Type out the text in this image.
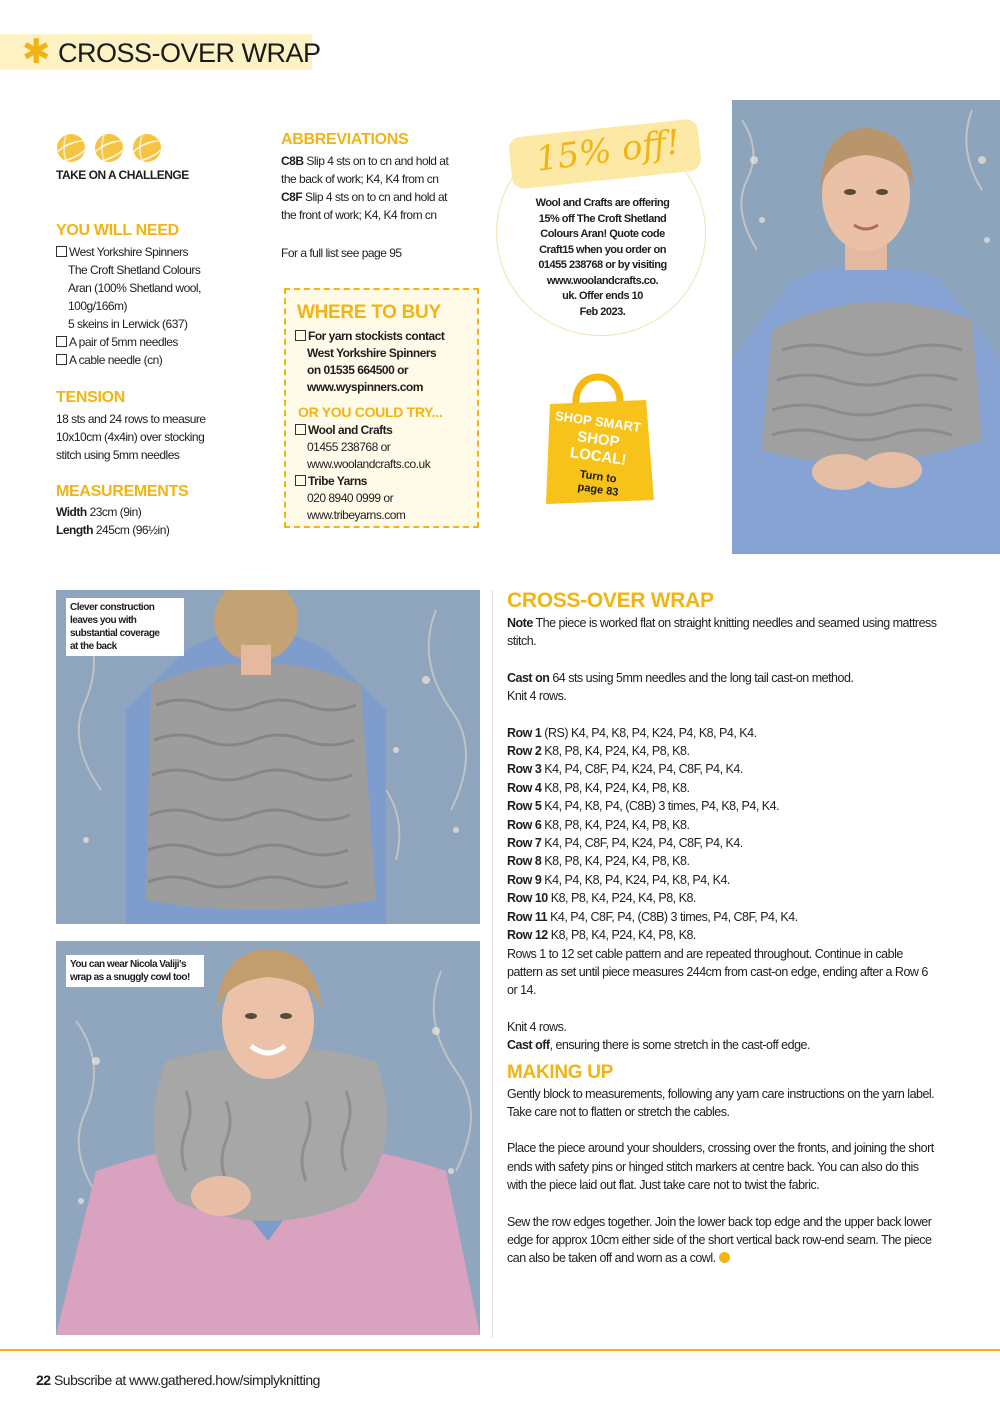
✱ CROSS-OVER WRAP
TAKE ON A CHALLENGE
YOU WILL NEED
West Yorkshire Spinners
The Croft Shetland Colours
Aran (100% Shetland wool,
100g/166m)
5 skeins in Lerwick (637)
A pair of 5mm needles
A cable needle (cn)
TENSION
18 sts and 24 rows to measure
10x10cm (4x4in) over stocking
stitch using 5mm needles
MEASUREMENTS
Width 23cm (9in)
Length 245cm (96½in)
ABBREVIATIONS
C8B Slip 4 sts on to cn and hold at
the back of work; K4, K4 from cn
C8F Slip 4 sts on to cn and hold at
the front of work; K4, K4 from cn
For a full list see page 95
WHERE TO BUY
For yarn stockists contact
West Yorkshire Spinners
on 01535 664500 or
www.wyspinners.com
OR YOU COULD TRY...
Wool and Crafts
01455 238768 or
www.woolandcrafts.co.uk
Tribe Yarns
020 8940 0999 or
www.tribeyarns.com
15% off!
Wool and Crafts are offering
15% off The Croft Shetland
Colours Aran! Quote code
Craft15 when you order on
01455 238768 or by visiting
www.woolandcrafts.co.
uk. Offer ends 10
Feb 2023.
SHOP SMART
SHOP
LOCAL!
Turn to
page 83
Clever construction
leaves you with
substantial coverage
at the back
You can wear Nicola Valiji's
wrap as a snuggly cowl too!
CROSS-OVER WRAP
Note The piece is worked flat on straight knitting needles and seamed using mattress stitch.
Cast on 64 sts using 5mm needles and the long tail cast-on method.
Knit 4 rows.
Row 1 (RS) K4, P4, K8, P4, K24, P4, K8, P4, K4.
Row 2 K8, P8, K4, P24, K4, P8, K8.
Row 3 K4, P4, C8F, P4, K24, P4, C8F, P4, K4.
Row 4 K8, P8, K4, P24, K4, P8, K8.
Row 5 K4, P4, K8, P4, (C8B) 3 times, P4, K8, P4, K4.
Row 6 K8, P8, K4, P24, K4, P8, K8.
Row 7 K4, P4, C8F, P4, K24, P4, C8F, P4, K4.
Row 8 K8, P8, K4, P24, K4, P8, K8.
Row 9 K4, P4, K8, P4, K24, P4, K8, P4, K4.
Row 10 K8, P8, K4, P24, K4, P8, K8.
Row 11 K4, P4, C8F, P4, (C8B) 3 times, P4, C8F, P4, K4.
Row 12 K8, P8, K4, P24, K4, P8, K8.
Rows 1 to 12 set cable pattern and are repeated throughout. Continue in cable pattern as set until piece measures 244cm from cast-on edge, ending after a Row 6 or 14.
Knit 4 rows.
Cast off, ensuring there is some stretch in the cast-off edge.
MAKING UP
Gently block to measurements, following any yarn care instructions on the yarn label. Take care not to flatten or stretch the cables.
Place the piece around your shoulders, crossing over the fronts, and joining the short ends with safety pins or hinged stitch markers at centre back. You can also do this with the piece laid out flat. Just take care not to twist the fabric.
Sew the row edges together. Join the lower back top edge and the upper back lower edge for approx 10cm either side of the short vertical back row-end seam. The piece can also be taken off and worn as a cowl.
22 Subscribe at www.gathered.how/simplyknitting
